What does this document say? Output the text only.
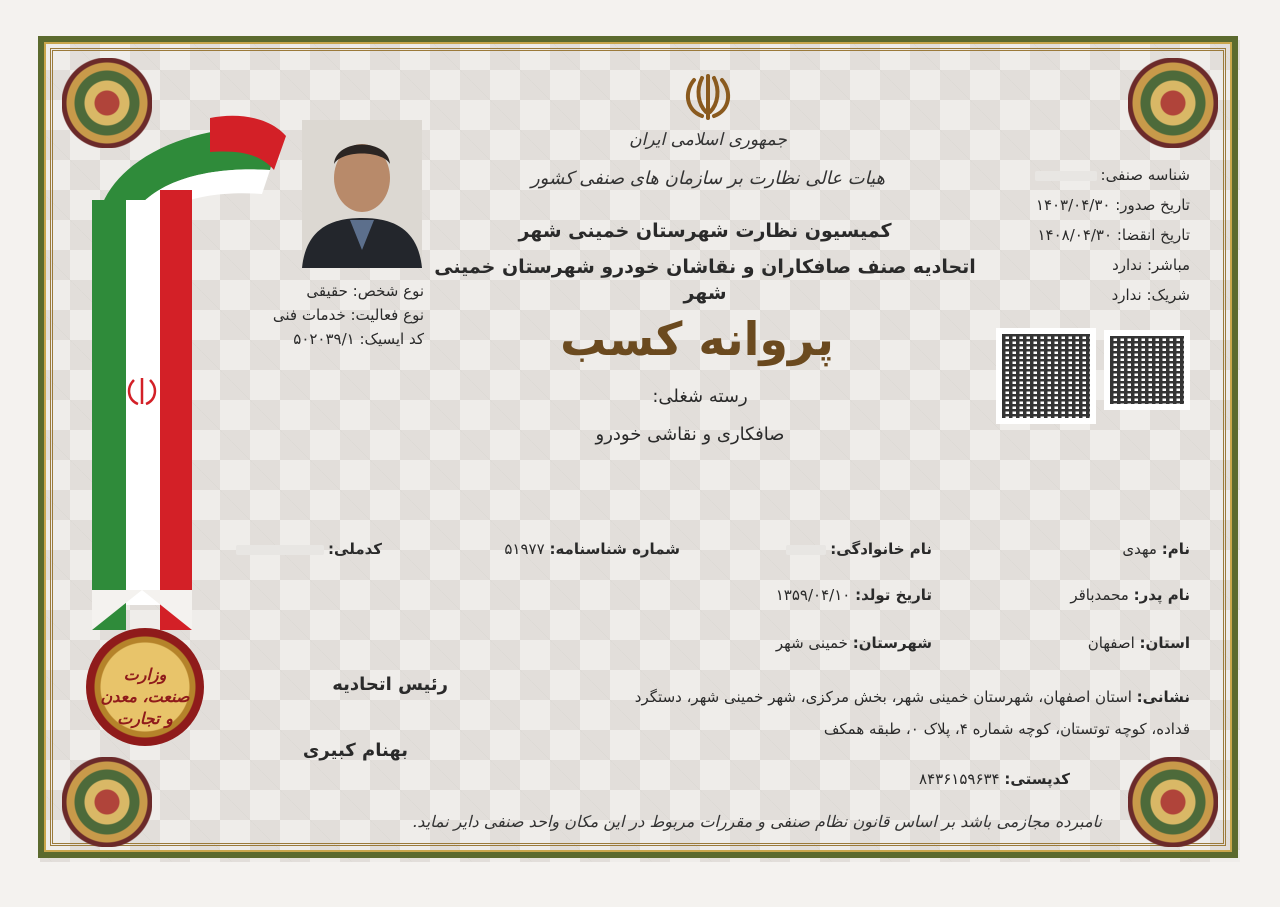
جمهوری اسلامی ایران
هیات عالی نظارت بر سازمان های صنفی کشور
کمیسیون نظارت شهرستان خمینی شهر
اتحادیه صنف صافکاران و نقاشان خودرو شهرستان خمینی
شهر
پروانه کسب
رسته شغلی:
صافکاری و نقاشی خودرو
شناسه صنفی:
تاریخ صدور: ۱۴۰۳/۰۴/۳۰
تاریخ انقضا: ۱۴۰۸/۰۴/۳۰
مباشر: ندارد
شریک: ندارد
نوع شخص: حقیقی
نوع فعالیت: خدمات فنی
کد ایسیک: ۵۰۲۰۳۹/۱
وزارت
صنعت، معدن
و تجارت
نام: مهدی
نام خانوادگی:
شماره شناسنامه: ۵۱۹۷۷
کدملی:
نام پدر: محمدباقر
تاریخ تولد: ۱۳۵۹/۰۴/۱۰
استان: اصفهان
شهرستان: خمینی شهر
نشانی: استان اصفهان، شهرستان خمینی شهر، بخش مرکزی، شهر خمینی شهر، دستگرد
قداده، کوچه توتستان، کوچه شماره ۴، پلاک ۰، طبقه همکف
کدپستی: ۸۴۳۶۱۵۹۶۳۴
رئیس اتحادیه
بهنام کبیری
نامبرده مجازمی باشد بر اساس قانون نظام صنفی و مقررات مربوط در این مکان واحد صنفی دایر نماید.
